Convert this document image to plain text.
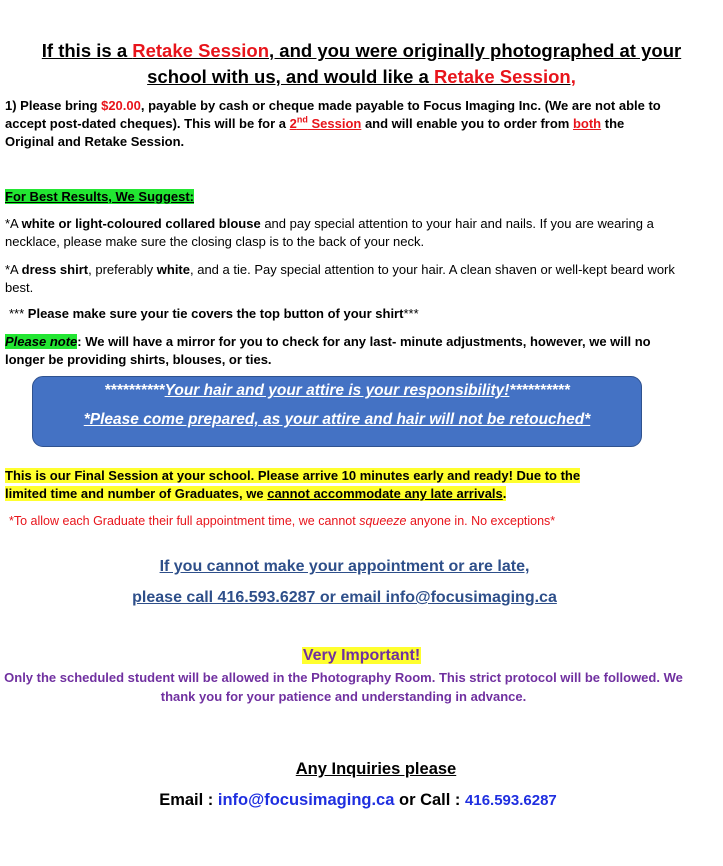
If this is a Retake Session, and you were originally photographed at your
school with us, and would like a Retake Session,
1) Please bring $20.00, payable by cash or cheque made payable to Focus Imaging Inc. (We are not able to accept post-dated cheques). This will be for a 2nd Session and will enable you to order from both the Original and Retake Session.
For Best Results, We Suggest:
*A white or light-coloured collared blouse and pay special attention to your hair and nails. If you are wearing a necklace, please make sure the closing clasp is to the back of your neck.
*A dress shirt, preferably white, and a tie. Pay special attention to your hair. A clean shaven or well-kept beard work best.
*** Please make sure your tie covers the top button of your shirt***
Please note: We will have a mirror for you to check for any last- minute adjustments, however, we will no longer be providing shirts, blouses, or ties.
**********Your hair and your attire is your responsibility!**********
*Please come prepared, as your attire and hair will not be retouched*
This is our Final Session at your school. Please arrive 10 minutes early and ready! Due to the
limited time and number of Graduates, we cannot accommodate any late arrivals.
*To allow each Graduate their full appointment time, we cannot squeeze anyone in. No exceptions*
If you cannot make your appointment or are late,
please call 416.593.6287 or email info@focusimaging.ca
Very Important!
Only the scheduled student will be allowed in the Photography Room. This strict protocol will be followed. We thank you for your patience and understanding in advance.
Any Inquiries please
Email : info@focusimaging.ca or Call : 416.593.6287
